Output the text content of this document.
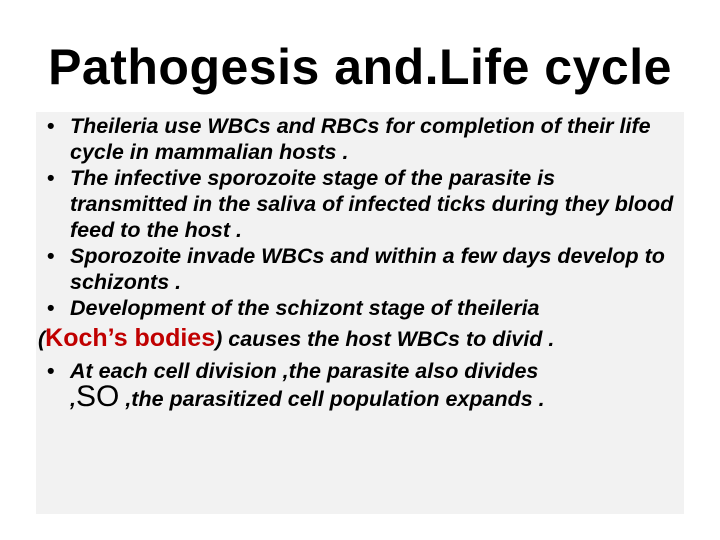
Pathogesis and.Life cycle
• Theileria use WBCs and RBCs for completion of their life cycle in mammalian hosts .
• The infective sporozoite stage of the parasite is transmitted in the saliva of infected ticks during they blood feed to the host .
• Sporozoite invade WBCs and within a few days develop to schizonts .
• Development of the schizont stage of theileria
(Koch’s bodies) causes the host WBCs to divid .
• At each cell division ,the parasite also divides
,SO ,the parasitized cell population expands .
